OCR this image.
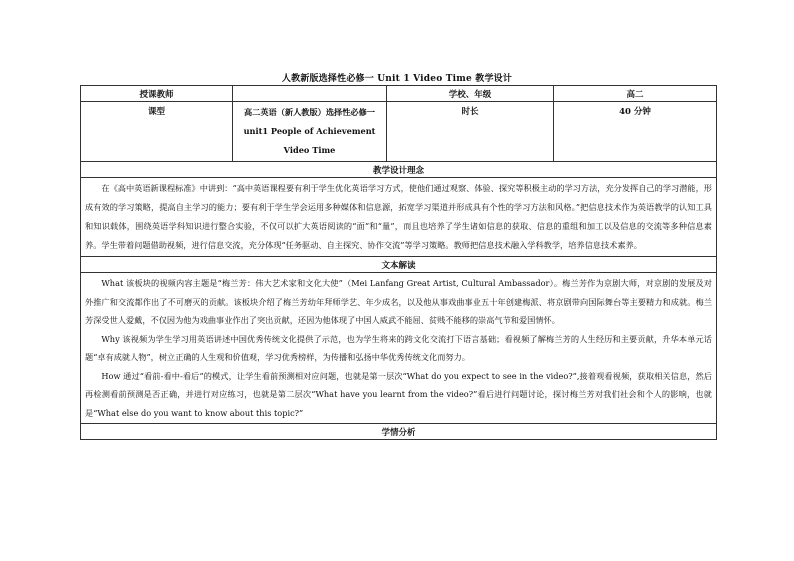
人教新版选择性必修一 Unit 1 Video Time 教学设计
授课教师		学校、年级	高二
课型	高二英语（新人教版）选择性必修一 unit1 People of Achievement Video Time	时长	40 分钟
教学设计理念			

在《高中英语新课程标准》中讲到：“高中英语课程要有利于学生优化英语学习方式，使他们通过观察、体验、探究等积极主动的学习方法，充分发挥自己的学习潜能，形成有效的学习策略，提高自主学习的能力；要有利于学生学会运用多种媒体和信息源，拓宽学习渠道并形成具有个性的学习方法和风格。”把信息技术作为英语教学的认知工具和知识载体，围绕英语学科知识进行整合实验，不仅可以扩大英语阅读的“面”和“量”，而且也培养了学生诸如信息的获取、信息的重组和加工以及信息的交流等多种信息素养。学生带着问题借助视频，进行信息交流，充分体现“任务驱动、自主探究、协作交流”等学习策略。教师把信息技术融入学科教学，培养信息技术素养。			

文本解读			

What 该板块的视频内容主题是“梅兰芳：伟大艺术家和文化大使”（Mei Lanfang Great Artist, Cultural Ambassador）。梅兰芳作为京剧大师，对京剧的发展及对外推广和交流都作出了不可磨灭的贡献。该板块介绍了梅兰芳幼年拜师学艺、年少成名，以及他从事戏曲事业五十年创建梅派、将京剧带向国际舞台等主要精力和成就。梅兰芳深受世人爱戴，不仅因为他为戏曲事业作出了突出贡献，还因为他体现了中国人威武不能屈、贫贱不能移的崇高气节和爱国情怀。

Why 该视频为学生学习用英语讲述中国优秀传统文化提供了示范，也为学生将来的跨文化交流打下语言基础；看视频了解梅兰芳的人生经历和主要贡献，升华本单元话题“卓有成就人物”，树立正确的人生观和价值观，学习优秀榜样，为传播和弘扬中华优秀传统文化而努力。

How 通过“看前-看中-看后”的模式，让学生看前预测相对应问题，也就是第一层次“What do you expect to see in the video?”,接着观看视频，获取相关信息，然后再检测看前预测是否正确，并进行对应练习，也就是第二层次“What have you learnt from the video?”看后进行问题讨论，探讨梅兰芳对我们社会和个人的影响，也就是“What else do you want to know about this topic?”			

学情分析			
